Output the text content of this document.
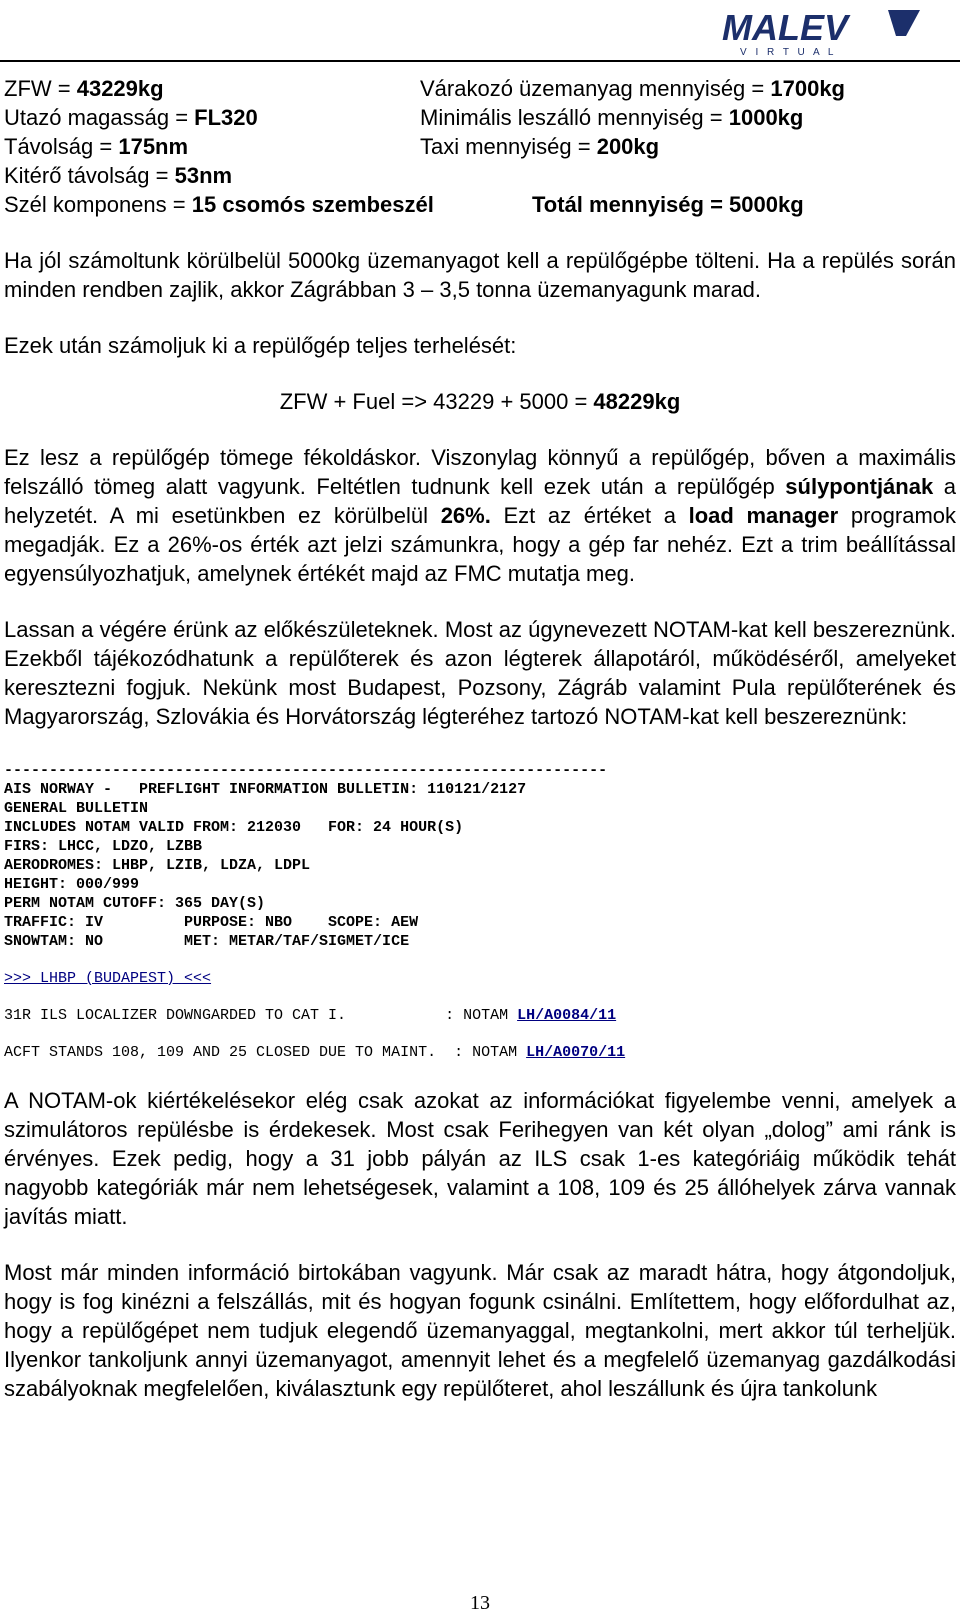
MALEV
V I R T U A L
ZFW = 43229kg	Várakozó üzemanyag mennyiség = 1700kg
Utazó magasság = FL320	Minimális leszálló mennyiség = 1000kg
Távolság = 175nm	Taxi mennyiség = 200kg
Kitérő távolság = 53nm
Szél komponens = 15 csomós szembeszél	Totál mennyiség = 5000kg

Ha jól számoltunk körülbelül 5000kg üzemanyagot kell a repülőgépbe tölteni. Ha a repülés során minden rendben zajlik, akkor Zágrábban 3 – 3,5 tonna üzemanyagunk marad.

Ezek után számoljuk ki a repülőgép teljes terhelését:

ZFW + Fuel => 43229 + 5000 = 48229kg

Ez lesz a repülőgép tömege fékoldáskor. Viszonylag könnyű a repülőgép, bőven a maximális felszálló tömeg alatt vagyunk. Feltétlen tudnunk kell ezek után a repülőgép súlypontjának a helyzetét. A mi esetünkben ez körülbelül 26%. Ezt az értéket a load manager programok megadják. Ez a 26%-os érték azt jelzi számunkra, hogy a gép far nehéz. Ezt a trim beállítással egyensúlyozhatjuk, amelynek értékét majd az FMC mutatja meg.

Lassan a végére érünk az előkészületeknek. Most az úgynevezett NOTAM-kat kell beszereznünk. Ezekből tájékozódhatunk a repülőterek és azon légterek állapotáról, működéséről, amelyeket keresztezni fogjuk. Nekünk most Budapest, Pozsony, Zágráb valamint Pula repülőterének és Magyarország, Szlovákia és Horvátország légteréhez tartozó NOTAM-kat kell beszereznünk:

-------------------------------------------------------------------
AIS NORWAY -   PREFLIGHT INFORMATION BULLETIN: 110121/2127
GENERAL BULLETIN
INCLUDES NOTAM VALID FROM: 212030   FOR: 24 HOUR(S)
FIRS: LHCC, LDZO, LZBB
AERODROMES: LHBP, LZIB, LDZA, LDPL
HEIGHT: 000/999
PERM NOTAM CUTOFF: 365 DAY(S)
TRAFFIC: IV         PURPOSE: NBO    SCOPE: AEW
SNOWTAM: NO         MET: METAR/TAF/SIGMET/ICE
>>> LHBP (BUDAPEST) <<<
31R ILS LOCALIZER DOWNGARDED TO CAT I.           : NOTAM LH/A0084/11
ACFT STANDS 108, 109 AND 25 CLOSED DUE TO MAINT.  : NOTAM LH/A0070/11

A NOTAM-ok kiértékelésekor elég csak azokat az információkat figyelembe venni, amelyek a szimulátoros repülésbe is érdekesek. Most csak Ferihegyen van két olyan „dolog” ami ránk is érvényes. Ezek pedig, hogy a 31 jobb pályán az ILS csak 1-es kategóriáig működik tehát nagyobb kategóriák már nem lehetségesek, valamint a 108, 109 és 25 állóhelyek zárva vannak javítás miatt.

Most már minden információ birtokában vagyunk. Már csak az maradt hátra, hogy átgondoljuk, hogy is fog kinézni a felszállás, mit és hogyan fogunk csinálni. Említettem, hogy előfordulhat az, hogy a repülőgépet nem tudjuk elegendő üzemanyaggal, megtankolni, mert akkor túl terheljük. Ilyenkor tankoljunk annyi üzemanyagot, amennyit lehet és a megfelelő üzemanyag gazdálkodási szabályoknak megfelelően, kiválasztunk egy repülőteret, ahol leszállunk és újra tankolunk

13
